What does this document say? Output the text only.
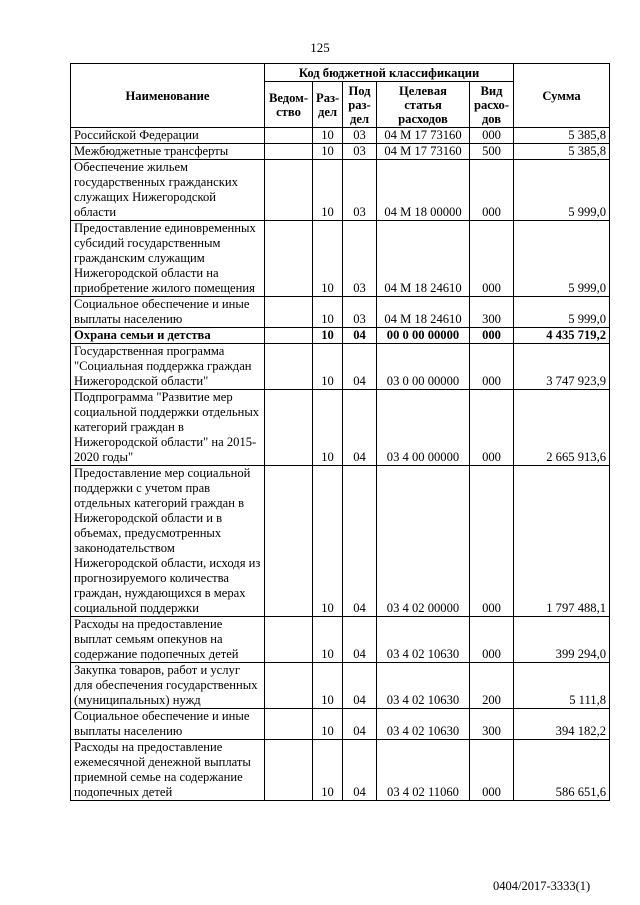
125
Наименование	Код бюджетной классификации					Сумма
	Ведом-ство	Раз-дел	Под раз-дел	Целевая статья расходов	Вид расхо-дов	
Российской Федерации		10	03	04 М 17 73160	000	5 385,8
Межбюджетные трансферты		10	03	04 М 17 73160	500	5 385,8
Обеспечение жильем государственных гражданских служащих Нижегородской области		10	03	04 М 18 00000	000	5 999,0
Предоставление единовременных субсидий государственным гражданским служащим Нижегородской области на приобретение жилого помещения		10	03	04 М 18 24610	000	5 999,0
Социальное обеспечение и иные выплаты населению		10	03	04 М 18 24610	300	5 999,0
Охрана семьи и детства		10	04	00 0 00 00000	000	4 435 719,2
Государственная программа "Социальная поддержка граждан Нижегородской области"		10	04	03 0 00 00000	000	3 747 923,9
Подпрограмма "Развитие мер социальной поддержки отдельных категорий граждан в Нижегородской области" на 2015-2020 годы"		10	04	03 4 00 00000	000	2 665 913,6
Предоставление мер социальной поддержки с учетом прав отдельных категорий граждан в Нижегородской области и в объемах, предусмотренных законодательством Нижегородской области, исходя из прогнозируемого количества граждан, нуждающихся в мерах социальной поддержки		10	04	03 4 02 00000	000	1 797 488,1
Расходы на предоставление выплат семьям опекунов на содержание подопечных детей		10	04	03 4 02 10630	000	399 294,0
Закупка товаров, работ и услуг для обеспечения государственных (муниципальных) нужд		10	04	03 4 02 10630	200	5 111,8
Социальное обеспечение и иные выплаты населению		10	04	03 4 02 10630	300	394 182,2
Расходы на предоставление ежемесячной денежной выплаты приемной семье на содержание подопечных детей		10	04	03 4 02 11060	000	586 651,6
0404/2017-3333(1)
